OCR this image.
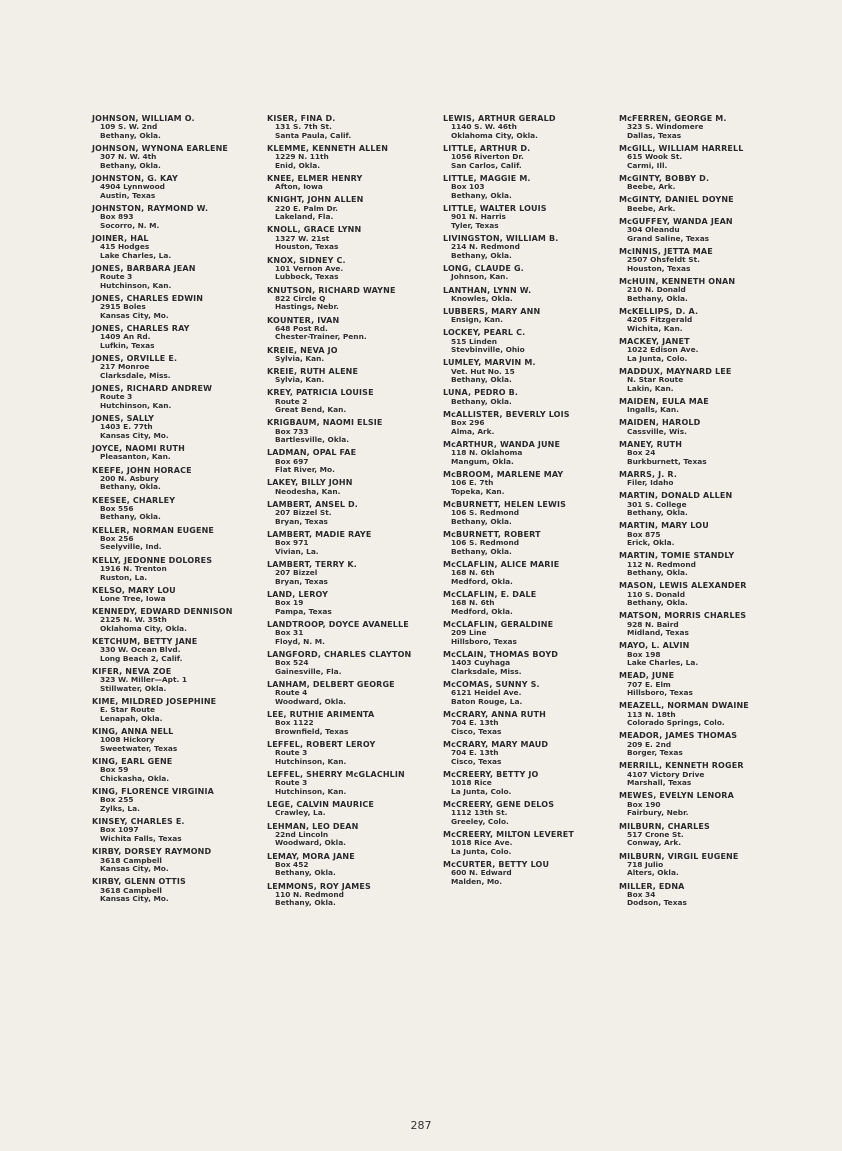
JOHNSON, WILLIAM O.
109 S. W. 2nd
Bethany, Okla.
JOHNSON, WYNONA EARLENE
307 N. W. 4th
Bethany, Okla.
JOHNSTON, G. KAY
4904 Lynnwood
Austin, Texas
JOHNSTON, RAYMOND W.
Box 893
Socorro, N. M.
JOINER, HAL
415 Hodges
Lake Charles, La.
JONES, BARBARA JEAN
Route 3
Hutchinson, Kan.
JONES, CHARLES EDWIN
2915 Boles
Kansas City, Mo.
JONES, CHARLES RAY
1409 An Rd.
Lufkin, Texas
JONES, ORVILLE E.
217 Monroe
Clarksdale, Miss.
JONES, RICHARD ANDREW
Route 3
Hutchinson, Kan.
JONES, SALLY
1403 E. 77th
Kansas City, Mo.
JOYCE, NAOMI RUTH
Pleasanton, Kan.
KEEFE, JOHN HORACE
200 N. Asbury
Bethany, Okla.
KEESEE, CHARLEY
Box 556
Bethany, Okla.
KELLER, NORMAN EUGENE
Box 256
Seelyville, Ind.
KELLY, JEDONNE DOLORES
1916 N. Trenton
Ruston, La.
KELSO, MARY LOU
Lone Tree, Iowa
KENNEDY, EDWARD DENNISON
2125 N. W. 35th
Oklahoma City, Okla.
KETCHUM, BETTY JANE
330 W. Ocean Blvd.
Long Beach 2, Calif.
KIFER, NEVA ZOE
323 W. Miller—Apt. 1
Stillwater, Okla.
KIME, MILDRED JOSEPHINE
E. Star Route
Lenapah, Okla.
KING, ANNA NELL
1008 Hickory
Sweetwater, Texas
KING, EARL GENE
Box 59
Chickasha, Okla.
KING, FLORENCE VIRGINIA
Box 255
Zylks, La.
KINSEY, CHARLES E.
Box 1097
Wichita Falls, Texas
KIRBY, DORSEY RAYMOND
3618 Campbell
Kansas City, Mo.
KIRBY, GLENN OTTIS
3618 Campbell
Kansas City, Mo.
KISER, FINA D.
131 S. 7th St.
Santa Paula, Calif.
KLEMME, KENNETH ALLEN
1229 N. 11th
Enid, Okla.
KNEE, ELMER HENRY
Afton, Iowa
KNIGHT, JOHN ALLEN
220 E. Palm Dr.
Lakeland, Fla.
KNOLL, GRACE LYNN
1327 W. 21st
Houston, Texas
KNOX, SIDNEY C.
101 Vernon Ave.
Lubbock, Texas
KNUTSON, RICHARD WAYNE
822 Circle Q
Hastings, Nebr.
KOUNTER, IVAN
648 Post Rd.
Chester-Trainer, Penn.
KREIE, NEVA JO
Sylvia, Kan.
KREIE, RUTH ALENE
Sylvia, Kan.
KREY, PATRICIA LOUISE
Route 2
Great Bend, Kan.
KRIGBAUM, NAOMI ELSIE
Box 733
Bartlesville, Okla.
LADMAN, OPAL FAE
Box 697
Flat River, Mo.
LAKEY, BILLY JOHN
Neodesha, Kan.
LAMBERT, ANSEL D.
207 Bizzel St.
Bryan, Texas
LAMBERT, MADIE RAYE
Box 971
Vivian, La.
LAMBERT, TERRY K.
207 Bizzel
Bryan, Texas
LAND, LEROY
Box 19
Pampa, Texas
LANDTROOP, DOYCE AVANELLE
Box 31
Floyd, N. M.
LANGFORD, CHARLES CLAYTON
Box 524
Gainesville, Fla.
LANHAM, DELBERT GEORGE
Route 4
Woodward, Okla.
LEE, RUTHIE ARIMENTA
Box 1122
Brownfield, Texas
LEFFEL, ROBERT LEROY
Route 3
Hutchinson, Kan.
LEFFEL, SHERRY McGLACHLIN
Route 3
Hutchinson, Kan.
LEGE, CALVIN MAURICE
Crawley, La.
LEHMAN, LEO DEAN
22nd Lincoln
Woodward, Okla.
LEMAY, MORA JANE
Box 452
Bethany, Okla.
LEMMONS, ROY JAMES
110 N. Redmond
Bethany, Okla.
LEWIS, ARTHUR GERALD
1140 S. W. 46th
Oklahoma City, Okla.
LITTLE, ARTHUR D.
1056 Riverton Dr.
San Carlos, Calif.
LITTLE, MAGGIE M.
Box 103
Bethany, Okla.
LITTLE, WALTER LOUIS
901 N. Harris
Tyler, Texas
LIVINGSTON, WILLIAM B.
214 N. Redmond
Bethany, Okla.
LONG, CLAUDE G.
Johnson, Kan.
LANTHAN, LYNN W.
Knowles, Okla.
LUBBERS, MARY ANN
Ensign, Kan.
LOCKEY, PEARL C.
515 Linden
Stevbinville, Ohio
LUMLEY, MARVIN M.
Vet. Hut No. 15
Bethany, Okla.
LUNA, PEDRO B.
Bethany, Okla.
McALLISTER, BEVERLY LOIS
Box 296
Alma, Ark.
McARTHUR, WANDA JUNE
118 N. Oklahoma
Mangum, Okla.
McBROOM, MARLENE MAY
106 E. 7th
Topeka, Kan.
McBURNETT, HELEN LEWIS
106 S. Redmond
Bethany, Okla.
McBURNETT, ROBERT
106 S. Redmond
Bethany, Okla.
McCLAFLIN, ALICE MARIE
168 N. 6th
Medford, Okla.
McCLAFLIN, E. DALE
168 N. 6th
Medford, Okla.
McCLAFLIN, GERALDINE
209 Line
Hillsboro, Texas
McCLAIN, THOMAS BOYD
1403 Cuyhaga
Clarksdale, Miss.
McCOMAS, SUNNY S.
6121 Heidel Ave.
Baton Rouge, La.
McCRARY, ANNA RUTH
704 E. 13th
Cisco, Texas
McCRARY, MARY MAUD
704 E. 13th
Cisco, Texas
McCREERY, BETTY JO
1018 Rice
La Junta, Colo.
McCREERY, GENE DELOS
1112 13th St.
Greeley, Colo.
McCREERY, MILTON LEVERET
1018 Rice Ave.
La Junta, Colo.
McCURTER, BETTY LOU
600 N. Edward
Malden, Mo.
McFERREN, GEORGE M.
323 S. Windomere
Dallas, Texas
McGILL, WILLIAM HARRELL
615 Wook St.
Carmi, Ill.
McGINTY, BOBBY D.
Beebe, Ark.
McGINTY, DANIEL DOYNE
Beebe, Ark.
McGUFFEY, WANDA JEAN
304 Oleandu
Grand Saline, Texas
McINNIS, JETTA MAE
2507 Ohsfeldt St.
Houston, Texas
McHUIN, KENNETH ONAN
210 N. Donald
Bethany, Okla.
McKELLIPS, D. A.
4205 Fitzgerald
Wichita, Kan.
MACKEY, JANET
1022 Edison Ave.
La Junta, Colo.
MADDUX, MAYNARD LEE
N. Star Route
Lakin, Kan.
MAIDEN, EULA MAE
Ingalls, Kan.
MAIDEN, HAROLD
Cassville, Wis.
MANEY, RUTH
Box 24
Burkburnett, Texas
MARRS, J. R.
Filer, Idaho
MARTIN, DONALD ALLEN
301 S. College
Bethany, Okla.
MARTIN, MARY LOU
Box 875
Erick, Okla.
MARTIN, TOMIE STANDLY
112 N. Redmond
Bethany, Okla.
MASON, LEWIS ALEXANDER
110 S. Donald
Bethany, Okla.
MATSON, MORRIS CHARLES
928 N. Baird
Midland, Texas
MAYO, L. ALVIN
Box 198
Lake Charles, La.
MEAD, JUNE
707 E. Elm
Hillsboro, Texas
MEAZELL, NORMAN DWAINE
113 N. 18th
Colorado Springs, Colo.
MEADOR, JAMES THOMAS
209 E. 2nd
Borger, Texas
MERRILL, KENNETH ROGER
4107 Victory Drive
Marshall, Texas
MEWES, EVELYN LENORA
Box 190
Fairbury, Nebr.
MILBURN, CHARLES
517 Crone St.
Conway, Ark.
MILBURN, VIRGIL EUGENE
718 Julio
Alters, Okla.
MILLER, EDNA
Box 34
Dodson, Texas
287
